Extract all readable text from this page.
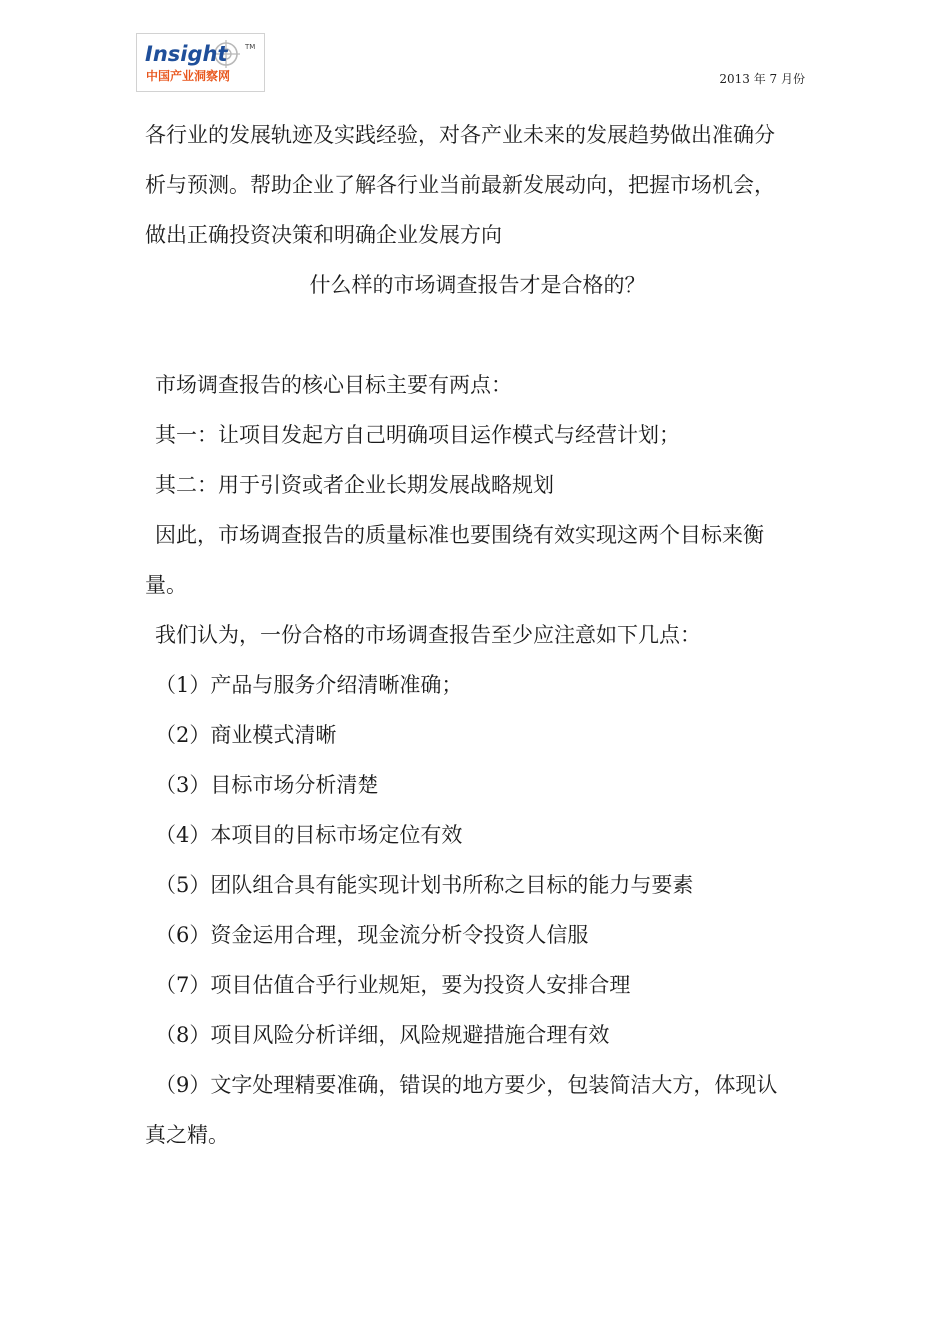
Insight	TM
中国产业洞察网	2013 年 7 月份

各行业的发展轨迹及实践经验，对各产业未来的发展趋势做出准确分

析与预测。帮助企业了解各行业当前最新发展动向，把握市场机会，

做出正确投资决策和明确企业发展方向

什么样的市场调查报告才是合格的？

市场调查报告的核心目标主要有两点：

其一：让项目发起方自己明确项目运作模式与经营计划；

其二：用于引资或者企业长期发展战略规划

因此，市场调查报告的质量标准也要围绕有效实现这两个目标来衡

量。

我们认为，一份合格的市场调查报告至少应注意如下几点：

（1）产品与服务介绍清晰准确；

（2）商业模式清晰

（3）目标市场分析清楚

（4）本项目的目标市场定位有效

（5）团队组合具有能实现计划书所称之目标的能力与要素

（6）资金运用合理，现金流分析令投资人信服

（7）项目估值合乎行业规矩，要为投资人安排合理

（8）项目风险分析详细，风险规避措施合理有效

（9）文字处理精要准确，错误的地方要少，包装简洁大方，体现认

真之精。
